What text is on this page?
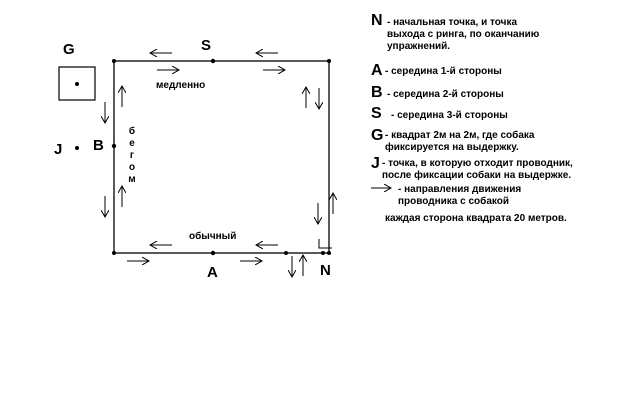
G	S
J B
A	N
медленно
б
е
г
о
м
обычный
N - начальная точка, и точка
выхода с ринга, по оканчанию
упражнений.
A - середина 1-й стороны
B - середина 2-й стороны
S - середина 3-й стороны
G - квадрат 2м на 2м, где собака
фиксируется на выдержку.
J - точка, в которую отходит проводник,
после фиксации собаки на выдержке.
- направления движения
проводника с собакой
каждая сторона квадрата 20 метров.
